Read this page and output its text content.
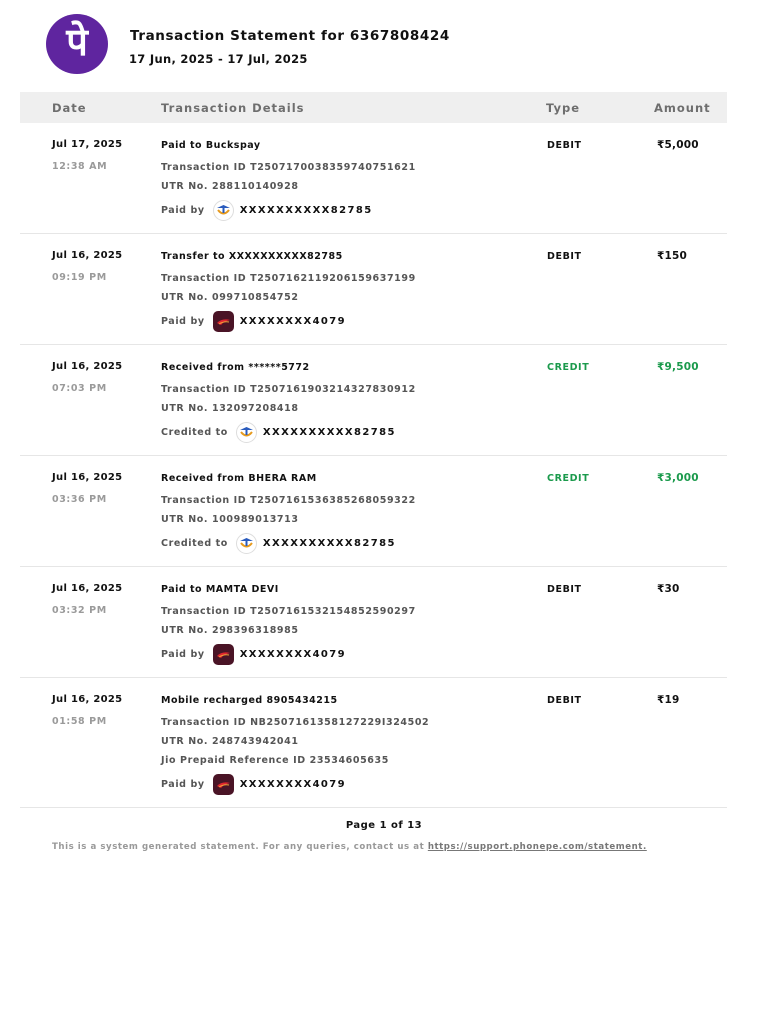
पे	Transaction Statement for 6367808424
17 Jun, 2025 - 17 Jul, 2025
Date	Transaction Details	Type	Amount
Jul 17, 2025
12:38 AM
Paid to Buckspay
Transaction ID T2507170038359740751621
UTR No. 288110140928
Paid by	XXXXXXXXXX82785
DEBIT	₹5,000
Jul 16, 2025
09:19 PM
Transfer to XXXXXXXXXX82785
Transaction ID T2507162119206159637199
UTR No. 099710854752
Paid by	XXXXXXXX4079
DEBIT	₹150
Jul 16, 2025
07:03 PM
Received from ******5772
Transaction ID T2507161903214327830912
UTR No. 132097208418
Credited to	XXXXXXXXXX82785
CREDIT	₹9,500
Jul 16, 2025
03:36 PM
Received from BHERA RAM
Transaction ID T2507161536385268059322
UTR No. 100989013713
Credited to	XXXXXXXXXX82785
CREDIT	₹3,000
Jul 16, 2025
03:32 PM
Paid to MAMTA DEVI
Transaction ID T2507161532154852590297
UTR No. 298396318985
Paid by	XXXXXXXX4079
DEBIT	₹30
Jul 16, 2025
01:58 PM
Mobile recharged 8905434215
Transaction ID NB2507161358127229I324502
UTR No. 248743942041
Jio Prepaid Reference ID 23534605635
Paid by	XXXXXXXX4079
DEBIT	₹19
Page 1 of 13
This is a system generated statement. For any queries, contact us at https://support.phonepe.com/statement.
